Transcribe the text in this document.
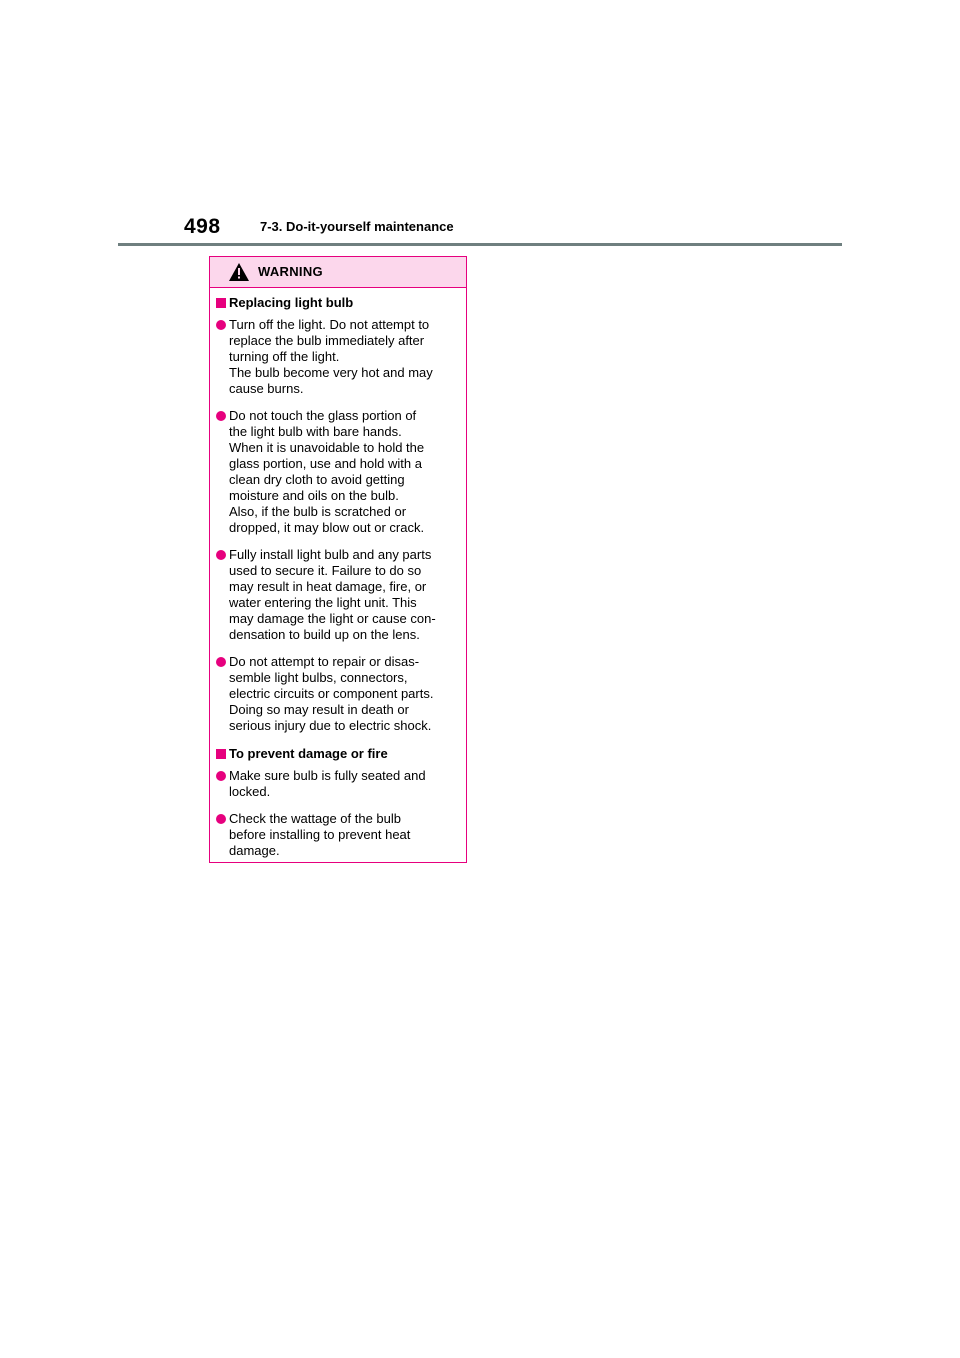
498	7-3. Do-it-yourself maintenance
WARNING
Replacing light bulb
Turn off the light. Do not attempt to
replace the bulb immediately after
turning off the light.
The bulb become very hot and may
cause burns.
Do not touch the glass portion of
the light bulb with bare hands.
When it is unavoidable to hold the
glass portion, use and hold with a
clean dry cloth to avoid getting
moisture and oils on the bulb.
Also, if the bulb is scratched or
dropped, it may blow out or crack.
Fully install light bulb and any parts
used to secure it. Failure to do so
may result in heat damage, fire, or
water entering the light unit. This
may damage the light or cause con-
densation to build up on the lens.
Do not attempt to repair or disas-
semble light bulbs, connectors,
electric circuits or component parts.
Doing so may result in death or
serious injury due to electric shock.
To prevent damage or fire
Make sure bulb is fully seated and
locked.
Check the wattage of the bulb
before installing to prevent heat
damage.
